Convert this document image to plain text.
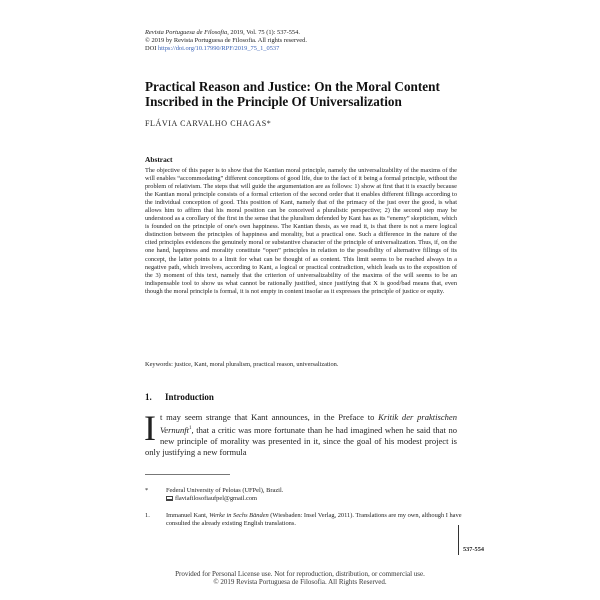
Revista Portuguesa de Filosofia, 2019, Vol. 75 (1): 537-554.
© 2019 by Revista Portuguesa de Filosofia. All rights reserved.
DOI https://doi.org/10.17990/RPF/2019_75_1_0537
Practical Reason and Justice: On the Moral Content Inscribed in the Principle Of Universalization
FLÁVIA CARVALHO CHAGAS*
Abstract
The objective of this paper is to show that the Kantian moral principle, namely the universalizability of the maxims of the will enables “accommodating” different conceptions of good life, due to the fact of it being a formal principle, without the problem of relativism. The steps that will guide the argumentation are as follows: 1) show at first that it is exactly because the Kantian moral principle consists of a formal criterion of the second order that it enables different fillings according to the individual conception of good. This position of Kant, namely that of the primacy of the just over the good, is what allows him to affirm that his moral position can be conceived a pluralistic perspective; 2) the second step may be understood as a corollary of the first in the sense that the pluralism defended by Kant has as its “enemy” skepticism, which is founded on the principle of one's own happiness. The Kantian thesis, as we read it, is that there is not a mere logical distinction between the principles of happiness and morality, but a practical one. Such a difference in the nature of the cited principles evidences the genuinely moral or substantive character of the principle of universalization. Thus, if, on the one hand, happiness and morality constitute “open” principles in relation to the possibility of alternative fillings of its concept, the latter points to a limit for what can be thought of as content. This limit seems to be reached always in a negative path, which involves, according to Kant, a logical or practical contradiction, which leads us to the exposition of the 3) moment of this text, namely that the criterion of universalizability of the maxims of the will seems to be an indispensable tool to show us what cannot be rationally justified, since justifying that X is good/bad means that, even though the moral principle is formal, it is not empty in content insofar as it expresses the principle of justice or equity.
Keywords: justice, Kant, moral pluralism, practical reason, universalization.
1. Introduction
It may seem strange that Kant announces, in the Preface to Kritik der praktischen Vernunft$^1$, that a critic was more fortunate than he had imagined when he said that no new principle of morality was presented in it, since the goal of his modest project is only justifying a new formula
*	Federal University of Pelotas (UFPel), Brazil.
flaviafilosofiaufpel@gmail.com
1.	Immanuel Kant, Werke in Sechs Bänden (Wiesbaden: Insel Verlag, 2011). Translations are my own, although I have consulted the already existing English translations.
537-554
Provided for Personal License use. Not for reproduction, distribution, or commercial use.
© 2019 Revista Portuguesa de Filosofia. All Rights Reserved.
